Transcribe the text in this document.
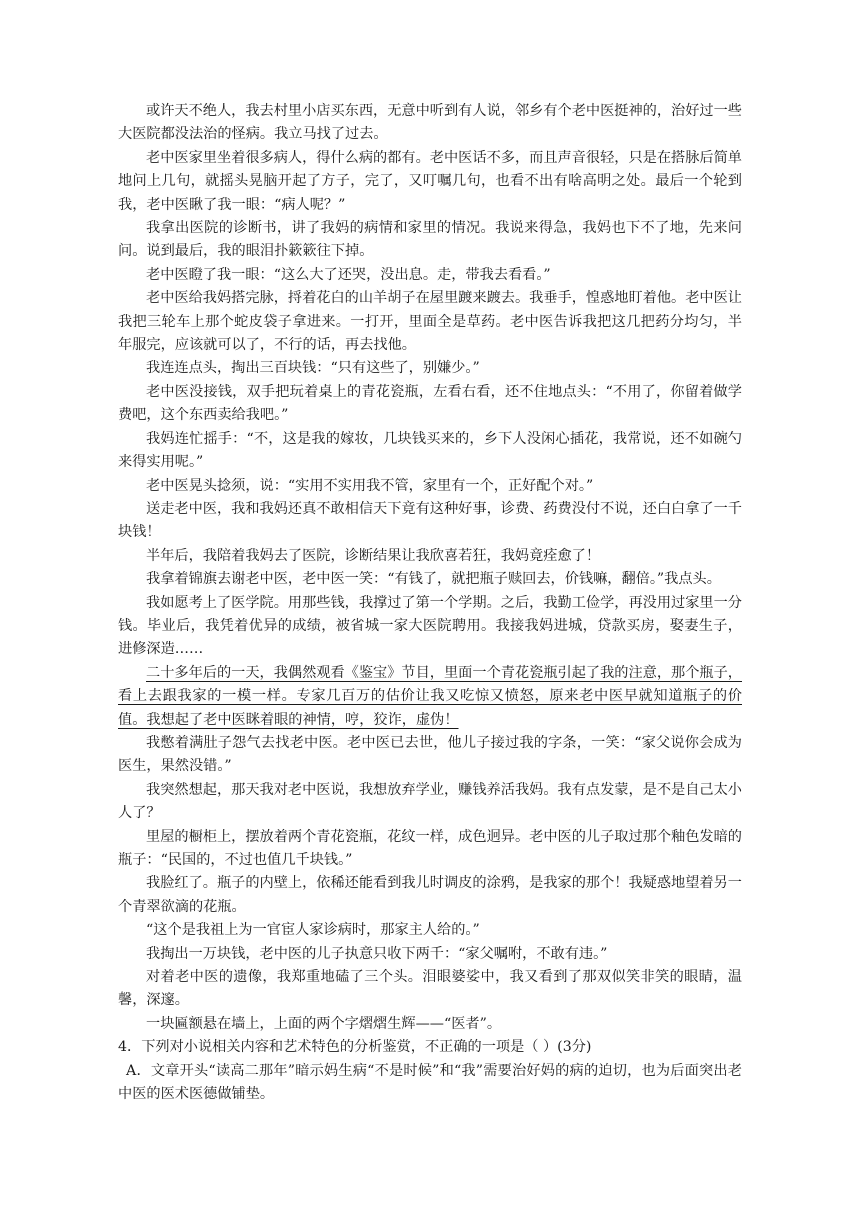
或许天不绝人，我去村里小店买东西，无意中听到有人说，邻乡有个老中医挺神的，治好过一些大医院都没法治的怪病。我立马找了过去。

老中医家里坐着很多病人，得什么病的都有。老中医话不多，而且声音很轻，只是在搭脉后简单地问上几句，就摇头晃脑开起了方子，完了，又叮嘱几句，也看不出有啥高明之处。最后一个轮到我，老中医瞅了我一眼：“病人呢？”

我拿出医院的诊断书，讲了我妈的病情和家里的情况。我说来得急，我妈也下不了地，先来问问。说到最后，我的眼泪扑簌簌往下掉。

老中医瞪了我一眼：“这么大了还哭，没出息。走，带我去看看。”

老中医给我妈搭完脉，捋着花白的山羊胡子在屋里踱来踱去。我垂手，惶惑地盯着他。老中医让我把三轮车上那个蛇皮袋子拿进来。一打开，里面全是草药。老中医告诉我把这几把药分均匀，半年服完，应该就可以了，不行的话，再去找他。

我连连点头，掏出三百块钱：“只有这些了，别嫌少。”

老中医没接钱，双手把玩着桌上的青花瓷瓶，左看右看，还不住地点头：“不用了，你留着做学费吧，这个东西卖给我吧。”

我妈连忙摇手：“不，这是我的嫁妆，几块钱买来的，乡下人没闲心插花，我常说，还不如碗勺来得实用呢。”

老中医晃头捻须，说：“实用不实用我不管，家里有一个，正好配个对。”

送走老中医，我和我妈还真不敢相信天下竟有这种好事，诊费、药费没付不说，还白白拿了一千块钱！

半年后，我陪着我妈去了医院，诊断结果让我欣喜若狂，我妈竟痊愈了！

我拿着锦旗去谢老中医，老中医一笑：“有钱了，就把瓶子赎回去，价钱嘛，翻倍。”我点头。

我如愿考上了医学院。用那些钱，我撑过了第一个学期。之后，我勤工俭学，再没用过家里一分钱。毕业后，我凭着优异的成绩，被省城一家大医院聘用。我接我妈进城，贷款买房，娶妻生子，进修深造……

二十多年后的一天，我偶然观看《鉴宝》节目，里面一个青花瓷瓶引起了我的注意，那个瓶子，看上去跟我家的一模一样。专家几百万的估价让我又吃惊又愤怒，原来老中医早就知道瓶子的价值。我想起了老中医眯着眼的神情，哼，狡诈，虚伪！

我憋着满肚子怨气去找老中医。老中医已去世，他儿子接过我的字条，一笑：“家父说你会成为医生，果然没错。”

我突然想起，那天我对老中医说，我想放弃学业，赚钱养活我妈。我有点发蒙，是不是自己太小人了？

里屋的橱柜上，摆放着两个青花瓷瓶，花纹一样，成色迥异。老中医的儿子取过那个釉色发暗的瓶子：“民国的，不过也值几千块钱。”

我脸红了。瓶子的内壁上，依稀还能看到我儿时调皮的涂鸦，是我家的那个！我疑惑地望着另一个青翠欲滴的花瓶。

“这个是我祖上为一官宦人家诊病时，那家主人给的。”

我掏出一万块钱，老中医的儿子执意只收下两千：“家父嘱咐，不敢有违。”

对着老中医的遗像，我郑重地磕了三个头。泪眼婆娑中，我又看到了那双似笑非笑的眼睛，温馨，深邃。

一块匾额悬在墙上，上面的两个字熠熠生辉——“医者”。

4．下列对小说相关内容和艺术特色的分析鉴赏，不正确的一项是（ ）(3分)

A．文章开头“读高二那年”暗示妈生病“不是时候”和“我”需要治好妈的病的迫切，也为后面突出老中医的医术医德做铺垫。
